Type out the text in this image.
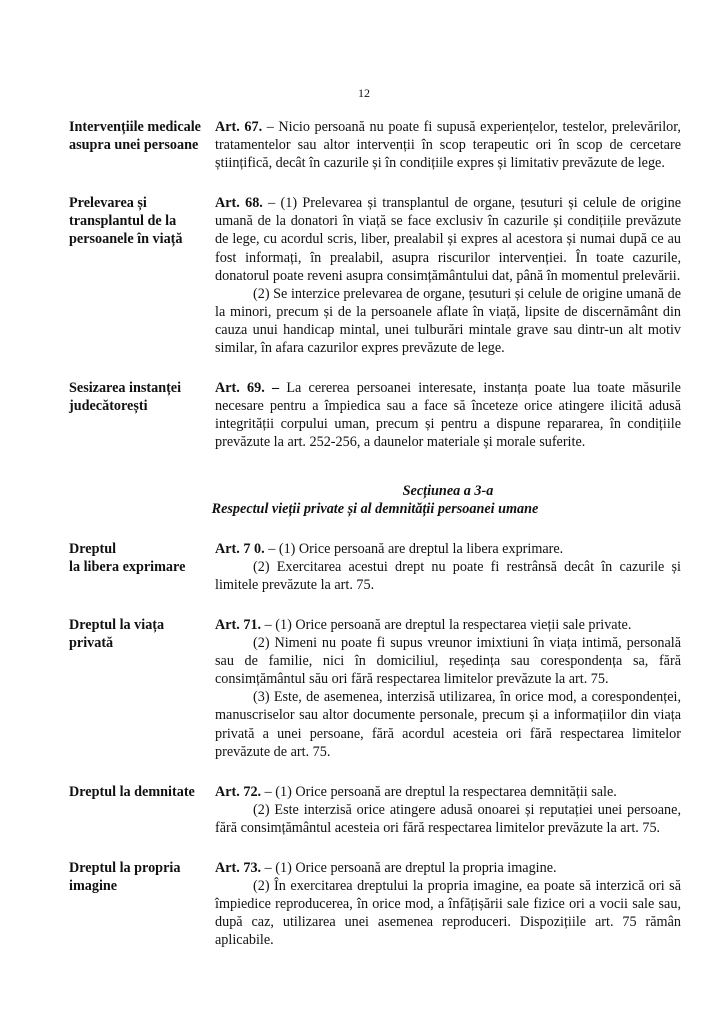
12
Intervențiile medicale
asupra unei persoane

Art. 67. – Nicio persoană nu poate fi supusă experiențelor, testelor, prelevărilor, tratamentelor sau altor intervenții în scop terapeutic ori în scop de cercetare științifică, decât în cazurile și în condițiile expres și limitativ prevăzute de lege.

Prelevarea și
transplantul de la
persoanele în viață

Art. 68. – (1) Prelevarea și transplantul de organe, țesuturi și celule de origine umană de la donatori în viață se face exclusiv în cazurile și condițiile prevăzute de lege, cu acordul scris, liber, prealabil și expres al acestora și numai după ce au fost informați, în prealabil, asupra riscurilor intervenției. În toate cazurile, donatorul poate reveni asupra consimțământului dat, până în momentul prelevării.

(2) Se interzice prelevarea de organe, țesuturi și celule de origine umană de la minori, precum și de la persoanele aflate în viață, lipsite de discernământ din cauza unui handicap mintal, unei tulburări mintale grave sau dintr-un alt motiv similar, în afara cazurilor expres prevăzute de lege.

Sesizarea instanței
judecătorești

Art. 69. – La cererea persoanei interesate, instanța poate lua toate măsurile necesare pentru a împiedica sau a face să înceteze orice atingere ilicită adusă integrității corpului uman, precum și pentru a dispune repararea, în condițiile prevăzute la art. 252-256, a daunelor materiale și morale suferite.

Secțiunea a 3-a
Respectul vieții private și al demnității persoanei umane
Dreptul
la libera exprimare

Art. 7 0. – (1) Orice persoană are dreptul la libera exprimare.

(2) Exercitarea acestui drept nu poate fi restrânsă decât în cazurile și limitele prevăzute la art. 75.

Dreptul la viața
privată

Art. 71. – (1) Orice persoană are dreptul la respectarea vieții sale private.

(2) Nimeni nu poate fi supus vreunor imixtiuni în viața intimă, personală sau de familie, nici în domiciliul, reședința sau corespondența sa, fără consimțământul său ori fără respectarea limitelor prevăzute la art. 75.

(3) Este, de asemenea, interzisă utilizarea, în orice mod, a corespondenței, manuscriselor sau altor documente personale, precum și a informațiilor din viața privată a unei persoane, fără acordul acesteia ori fără respectarea limitelor prevăzute de art. 75.

Dreptul la demnitate	Art. 72. – (1) Orice persoană are dreptul la respectarea demnității sale.

(2) Este interzisă orice atingere adusă onoarei și reputației unei persoane, fără consimțământul acesteia ori fără respectarea limitelor prevăzute la art. 75.

Dreptul la propria
imagine

Art. 73. – (1) Orice persoană are dreptul la propria imagine.

(2) În exercitarea dreptului la propria imagine, ea poate să interzică ori să împiedice reproducerea, în orice mod, a înfățișării sale fizice ori a vocii sale sau, după caz, utilizarea unei asemenea reproduceri. Dispozițiile art. 75 rămân aplicabile.
